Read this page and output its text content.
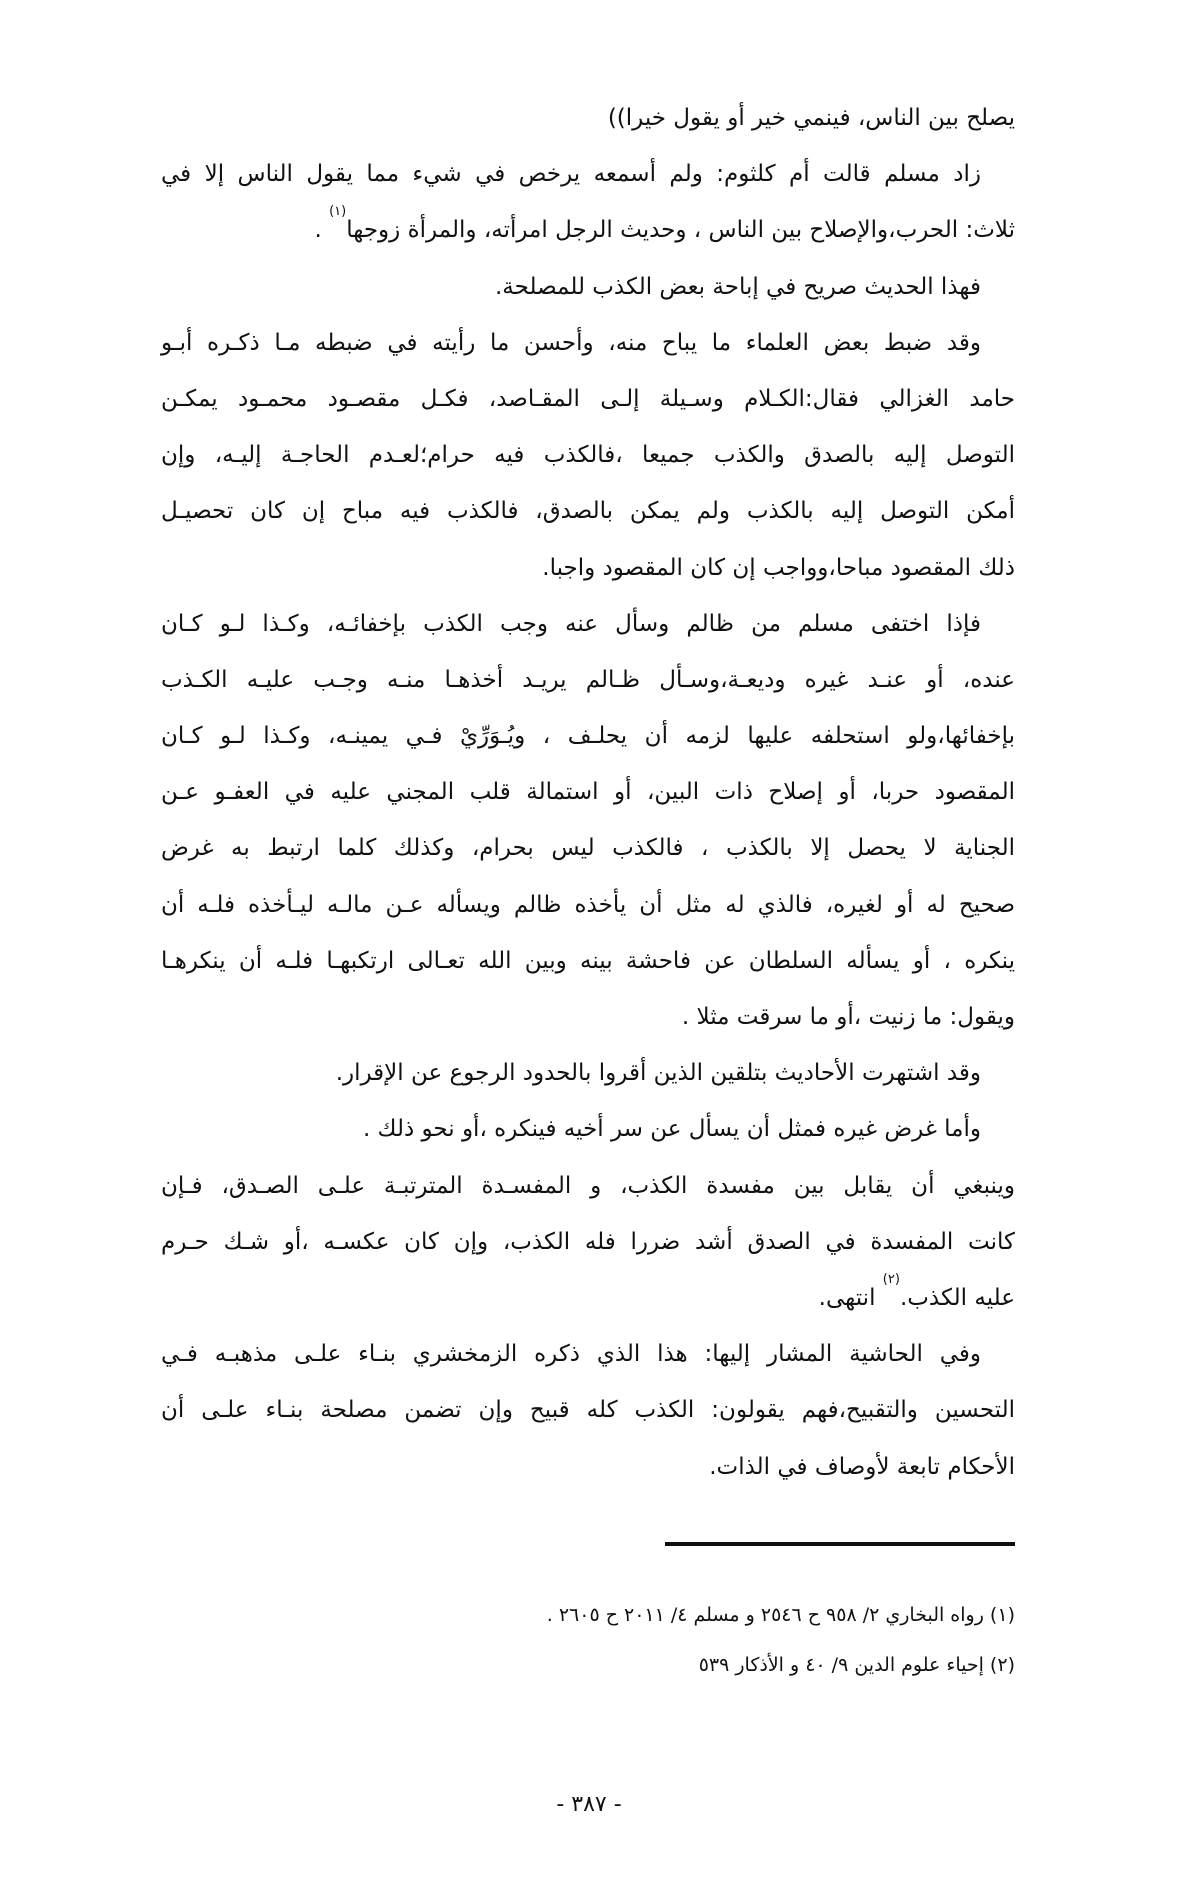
يصلح بين الناس، فينمي خير أو يقول خيرا))
زاد مسلم قالت أم كلثوم: ولم أسمعه يرخص في شيء مما يقول الناس إلا في
ثلاث: الحرب،والإصلاح بين الناس ، وحديث الرجل امرأته، والمرأة زوجها$^{(١)}$ .
فهذا الحديث صريح في إباحة بعض الكذب للمصلحة.
وقد ضبط بعض العلماء ما يباح منه، وأحسن ما رأيته في ضبطه مـا ذكـره أبـو
حامد الغزالي فقال:الكـلام وسـيلة إلـى المقـاصد، فكـل مقصـود محمـود يمكـن
التوصل إليه بالصدق والكذب جميعا ،فالكذب فيه حرام؛لعـدم الحاجـة إليـه، وإن
أمكن التوصل إليه بالكذب ولم يمكن بالصدق، فالكذب فيه مباح إن كان تحصيـل
ذلك المقصود مباحا،وواجب إن كان المقصود واجبا.
فإذا اختفى مسلم من ظالم وسأل عنه وجب الكذب بإخفائـه، وكـذا لـو كـان
عنده، أو عنـد غيره وديعـة،وسـأل ظـالم يريـد أخذهـا منـه وجـب عليـه الكـذب
بإخفائها،ولو استحلفه عليها لزمه أن يحلـف ، ويُـوَرِّيْ فـي يمينـه، وكـذا لـو كـان
المقصود حربا، أو إصلاح ذات البين، أو استمالة قلب المجني عليه في العفـو عـن
الجناية لا يحصل إلا بالكذب ، فالكذب ليس بحرام، وكذلك كلما ارتبط به غرض
صحيح له أو لغيره، فالذي له مثل أن يأخذه ظالم ويسأله عـن مالـه ليـأخذه فلـه أن
ينكره ، أو يسأله السلطان عن فاحشة بينه وبين الله تعـالى ارتكبهـا فلـه أن ينكرهـا
ويقول: ما زنيت ،أو ما سرقت مثلا .
وقد اشتهرت الأحاديث بتلقين الذين أقروا بالحدود الرجوع عن الإقرار.
وأما غرض غيره فمثل أن يسأل عن سر أخيه فينكره ،أو نحو ذلك .
وينبغي أن يقابل بين مفسدة الكذب، و المفسـدة المترتبـة علـى الصـدق، فـإن
كانت المفسدة في الصدق أشد ضررا فله الكذب، وإن كان عكسـه ،أو شـك حـرم
عليه الكذب.$^{(٢)}$ انتهى.
وفي الحاشية المشار إليها: هذا الذي ذكره الزمخشري بنـاء علـى مذهبـه فـي
التحسين والتقبيح،فهم يقولون: الكذب كله قبيح وإن تضمن مصلحة بنـاء علـى أن
الأحكام تابعة لأوصاف في الذات.
(١) رواه البخاري ٢/ ٩٥٨ ح ٢٥٤٦ و مسلم ٤/ ٢٠١١ ح ٢٦٠٥ .
(٢) إحياء علوم الدين ٩/ ٤٠ و الأذكار ٥٣٩
- ٣٨٧ -
